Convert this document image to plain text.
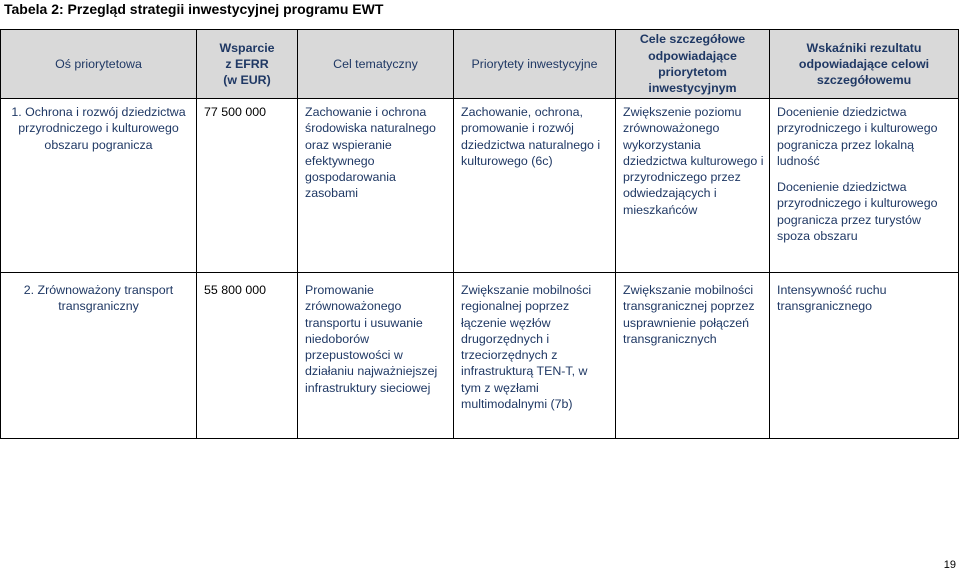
Tabela 2: Przegląd strategii inwestycyjnej programu EWT
Oś priorytetowa	Wsparcie
z EFRR
(w EUR)	Cel tematyczny	Priorytety inwestycyjne	Cele szczegółowe odpowiadające priorytetom inwestycyjnym	Wskaźniki rezultatu odpowiadające celowi szczegółowemu
1. Ochrona i rozwój dziedzictwa przyrodniczego i kulturowego obszaru pogranicza	77 500 000	Zachowanie i ochrona środowiska naturalnego oraz wspieranie efektywnego gospodarowania zasobami	Zachowanie, ochrona, promowanie i rozwój dziedzictwa naturalnego i kulturowego (6c)	Zwiększenie poziomu zrównoważonego wykorzystania dziedzictwa kulturowego i przyrodniczego przez odwiedzających i mieszkańców	Docenienie dziedzictwa przyrodniczego i kulturowego pogranicza przez lokalną ludność
Docenienie dziedzictwa przyrodniczego i kulturowego pogranicza przez turystów spoza obszaru
2. Zrównoważony transport transgraniczny	55 800 000	Promowanie zrównoważonego transportu i usuwanie niedoborów przepustowości w działaniu najważniejszej infrastruktury sieciowej	Zwiększanie mobilności regionalnej poprzez łączenie węzłów drugorzędnych i trzeciorzędnych z infrastrukturą TEN-T, w tym z węzłami multimodalnymi (7b)	Zwiększanie mobilności transgranicznej poprzez usprawnienie połączeń transgranicznych	Intensywność ruchu transgranicznego
19
